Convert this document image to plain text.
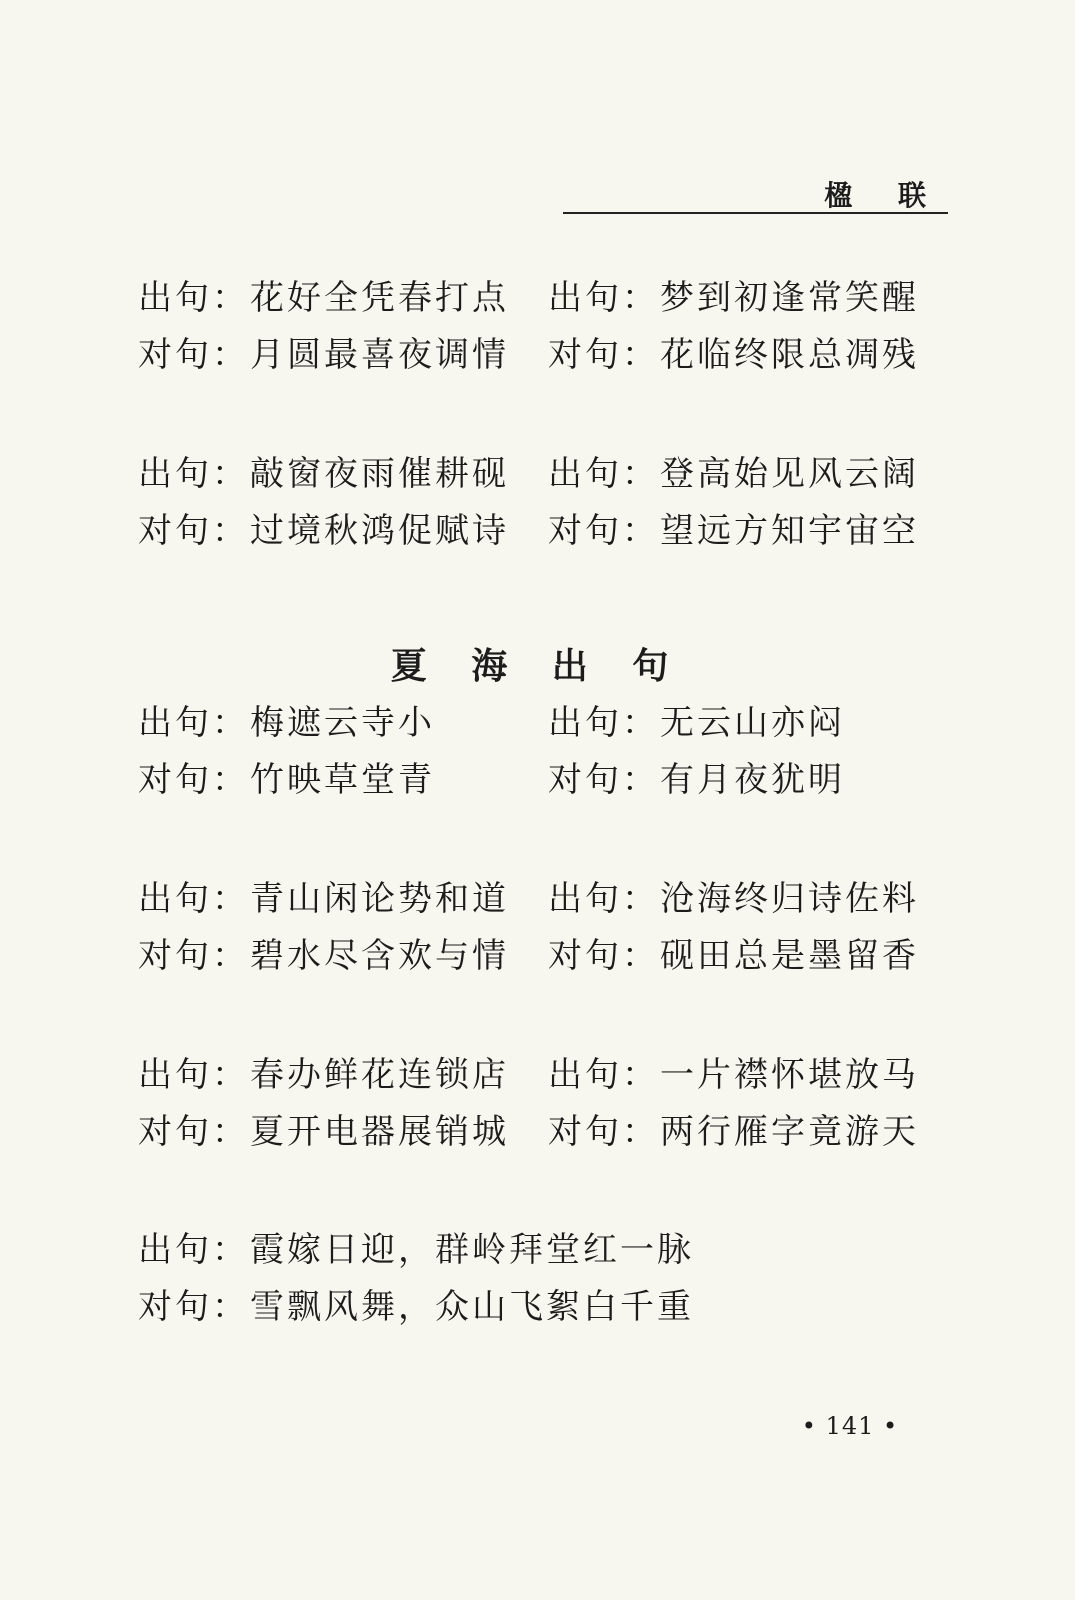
楹 联
出句： 花好全凭春打点	出句： 梦到初逢常笑醒
对句： 月圆最喜夜调情	对句： 花临终限总凋残
出句： 敲窗夜雨催耕砚	出句： 登高始见风云阔
对句： 过境秋鸿促赋诗	对句： 望远方知宇宙空
夏 海 出 句
出句： 梅遮云寺小	出句： 无云山亦闷
对句： 竹映草堂青	对句： 有月夜犹明
出句： 青山闲论势和道	出句： 沧海终归诗佐料
对句： 碧水尽含欢与情	对句： 砚田总是墨留香
出句： 春办鲜花连锁店	出句： 一片襟怀堪放马
对句： 夏开电器展销城	对句： 两行雁字竟游天
出句： 霞嫁日迎，群岭拜堂红一脉
对句： 雪飘风舞，众山飞絮白千重
• 141 •
